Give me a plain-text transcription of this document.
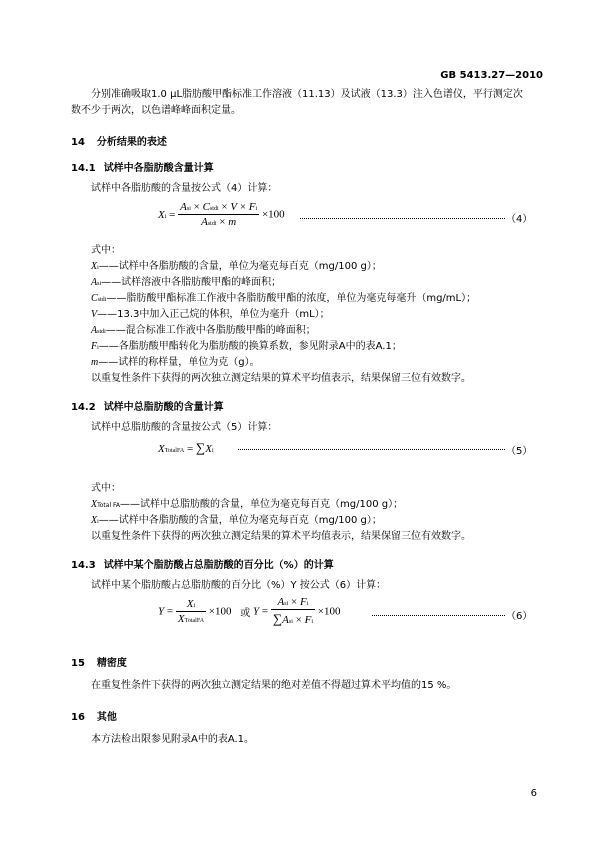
GB 5413.27—2010
分别准确吸取1.0 μL脂肪酸甲酯标准工作溶液（11.13）及试液（13.3）注入色谱仪，平行测定次
数不少于两次，以色谱峰峰面积定量。
14 分析结果的表述
14.1 试样中各脂肪酸含量计算
试样中各脂肪酸的含量按公式（4）计算：
$Xi = \frac{\text{Asi × Cstdi × V × Fi}}{\text{Astdi × m}} \times 100$	（4）
式中：
Xi——试样中各脂肪酸的含量，单位为毫克每百克（mg/100 g）；
Asi——试样溶液中各脂肪酸甲酯的峰面积；
Cstdi——脂肪酸甲酯标准工作液中各脂肪酸甲酯的浓度，单位为毫克每毫升（mg/mL）；
V——13.3中加入正己烷的体积，单位为毫升（mL）；
Astdi——混合标准工作液中各脂肪酸甲酯的峰面积；
Fi——各脂肪酸甲酯转化为脂肪酸的换算系数，参见附录A中的表A.1；
m——试样的称样量，单位为克（g）。
以重复性条件下获得的两次独立测定结果的算术平均值表示，结果保留三位有效数字。
14.2 试样中总脂肪酸的含量计算
试样中总脂肪酸的含量按公式（5）计算：
XTotalFA = ∑Xi	（5）
式中：
XTotal FA——试样中总脂肪酸的含量，单位为毫克每百克（mg/100 g）；
Xi——试样中各脂肪酸的含量，单位为毫克每百克（mg/100 g）；
以重复性条件下获得的两次独立测定结果的算术平均值表示，结果保留三位有效数字。
14.3 试样中某个脂肪酸占总脂肪酸的百分比（%）的计算
试样中某个脂肪酸占总脂肪酸的百分比（%）Y 按公式（6）计算：
$Y = \frac{Xi}{\text{XTotalFA}} \times 100$ 或 $Y = \frac{\text{Asi × Fi}}{\text{∑Asi × Fi}} \times 100$	（6）
15 精密度
在重复性条件下获得的两次独立测定结果的绝对差值不得超过算术平均值的15 %。
16 其他
本方法检出限参见附录A中的表A.1。
6
